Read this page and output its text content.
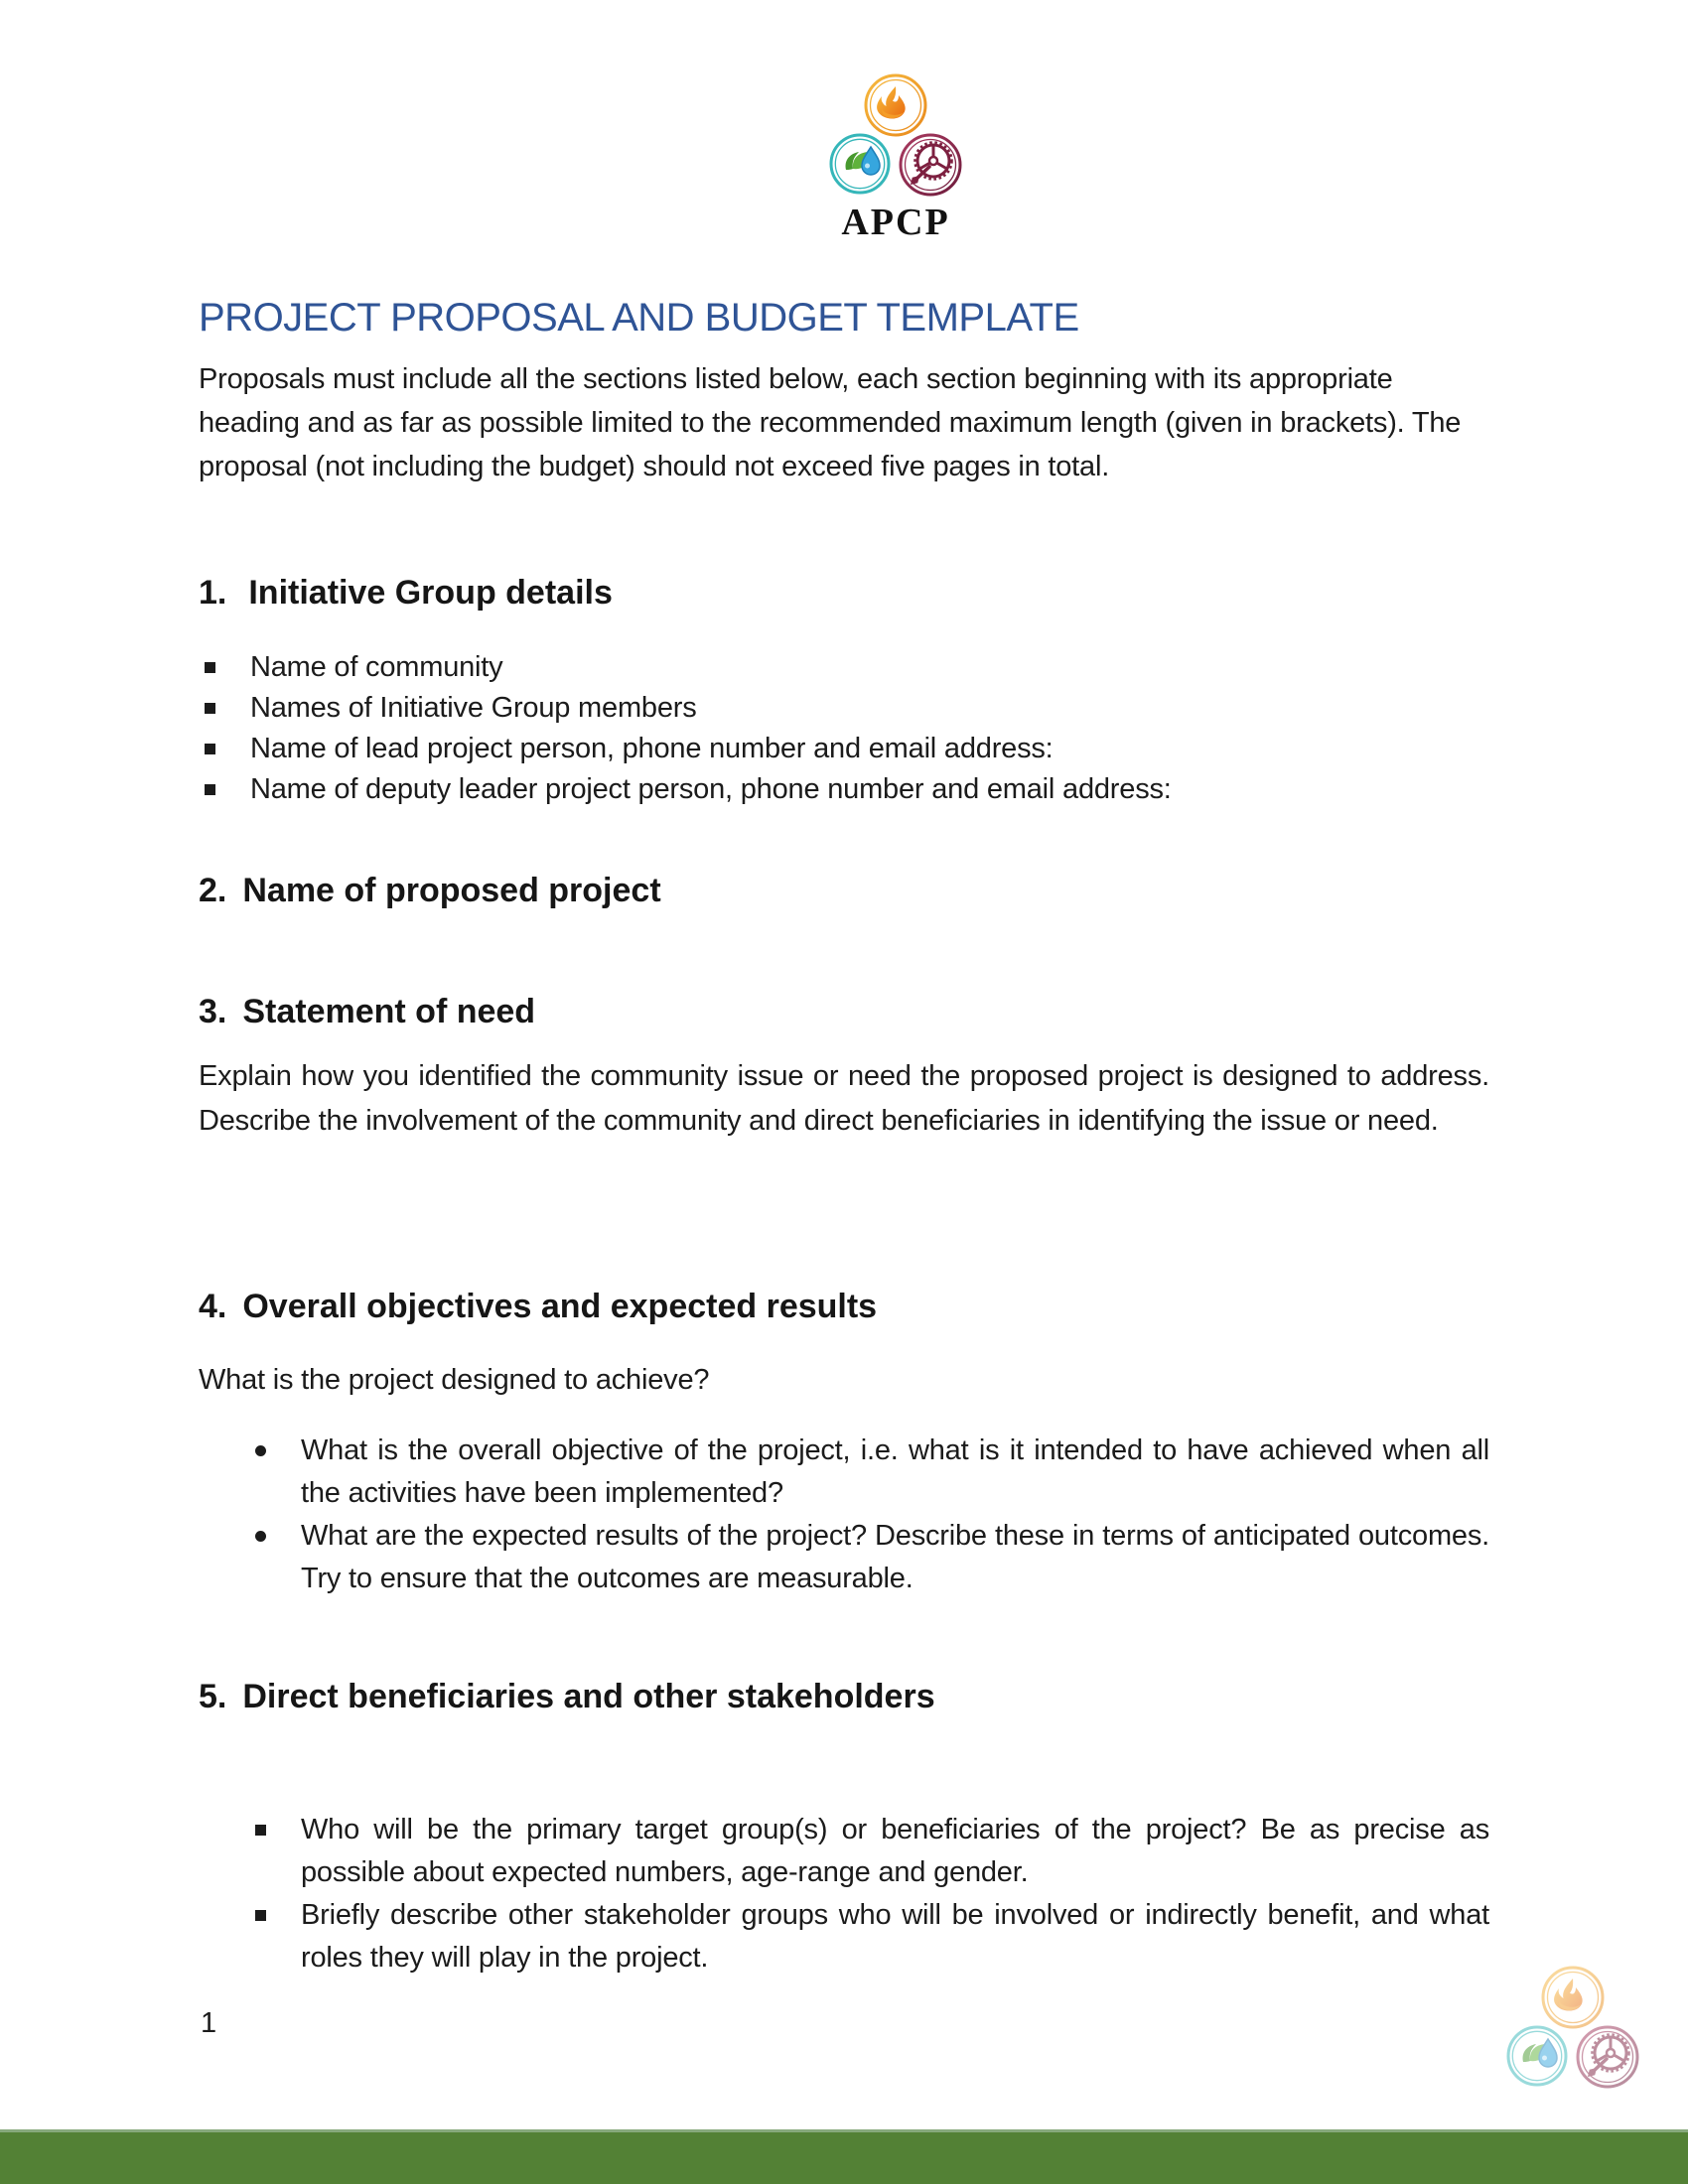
APCP
PROJECT PROPOSAL AND BUDGET TEMPLATE
Proposals must include all the sections listed below, each section beginning with its appropriate heading and as far as possible limited to the recommended maximum length (given in brackets). The proposal (not including the budget) should not exceed five pages in total.
1. Initiative Group details
Name of community
Names of Initiative Group members
Name of lead project person, phone number and email address:
Name of deputy leader project person, phone number and email address:
2. Name of proposed project
3. Statement of need
Explain how you identified the community issue or need the proposed project is designed to address. Describe the involvement of the community and direct beneficiaries in identifying the issue or need.
4. Overall objectives and expected results
What is the project designed to achieve?
What is the overall objective of the project, i.e. what is it intended to have achieved when all the activities have been implemented?
What are the expected results of the project? Describe these in terms of anticipated outcomes. Try to ensure that the outcomes are measurable.
5. Direct beneficiaries and other stakeholders
Who will be the primary target group(s) or beneficiaries of the project? Be as precise as possible about expected numbers, age-range and gender.
Briefly describe other stakeholder groups who will be involved or indirectly benefit, and what roles they will play in the project.
1
